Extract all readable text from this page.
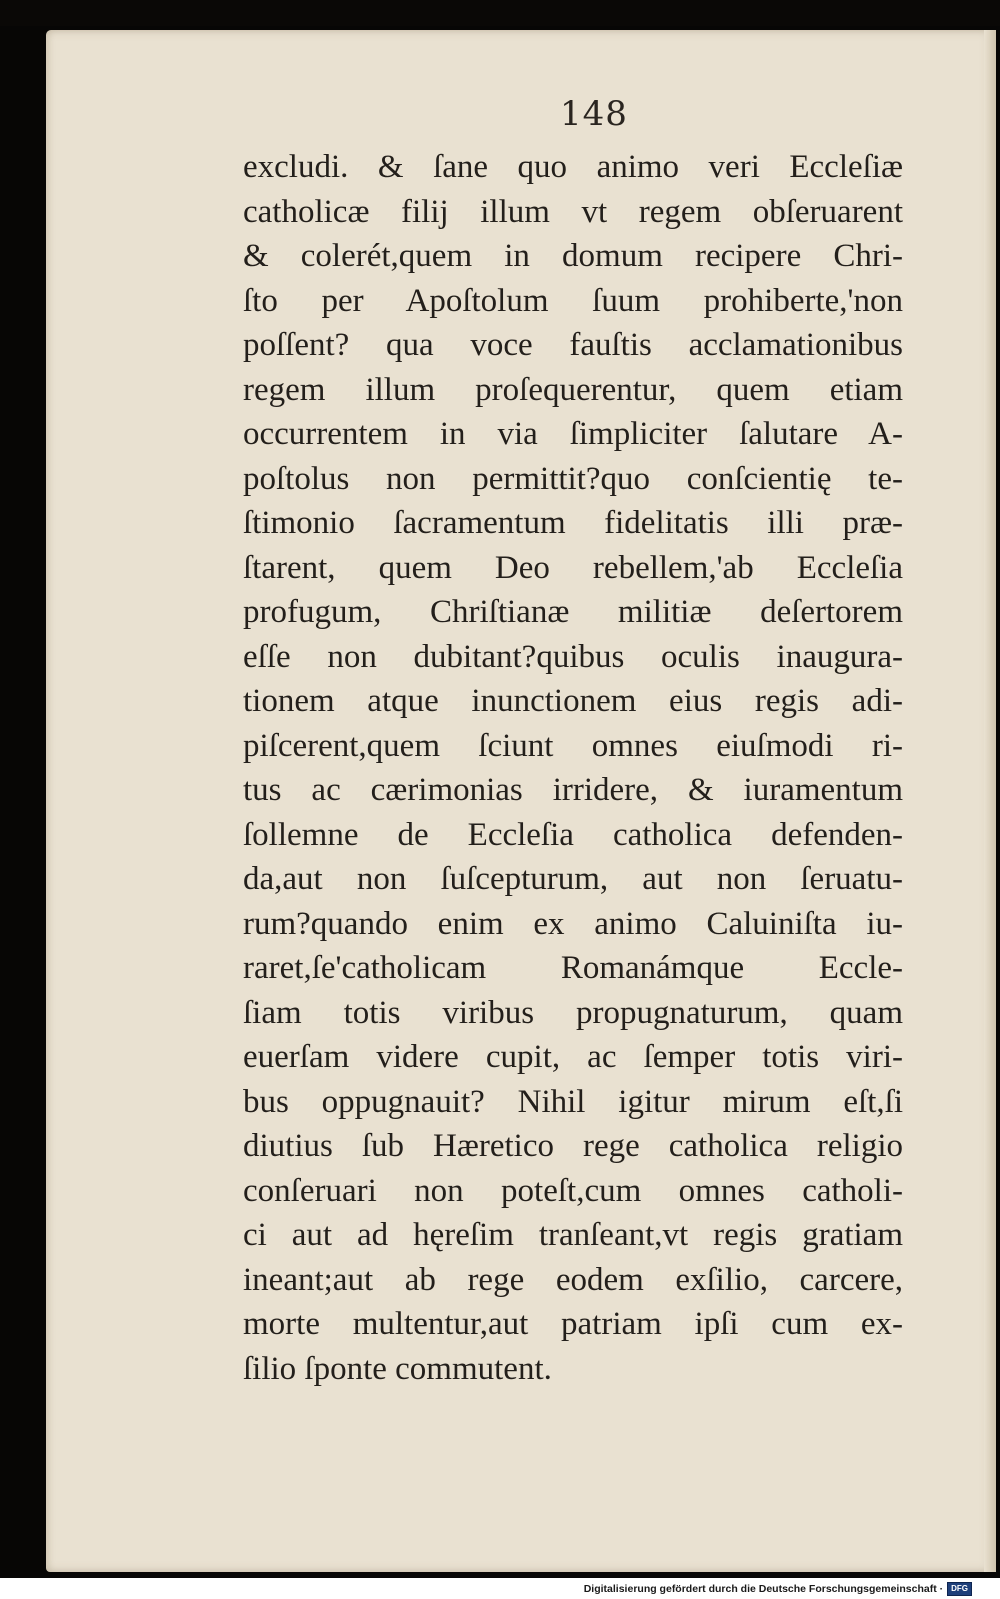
148
excludi. & ſane quo animo veri Eccleſiæ
catholicæ filij illum vt regem obſeruarent
& colerét,quem in domum recipere Chri-
ſto per Apoſtolum ſuum prohiberte,'non
poſſent? qua voce fauſtis acclamationibus
regem illum proſequerentur, quem etiam
occurrentem in via ſimpliciter ſalutare A-
poſtolus non permittit?quo conſcientię te-
ſtimonio ſacramentum fidelitatis illi præ-
ſtarent, quem Deo rebellem,'ab Eccleſia
profugum, Chriſtianæ militiæ deſertorem
eſſe non dubitant?quibus oculis inaugura-
tionem atque inunctionem eius regis adi-
piſcerent,quem ſciunt omnes eiuſmodi ri-
tus ac cærimonias irridere, & iuramentum
ſollemne de Eccleſia catholica defenden-
da,aut non ſuſcepturum, aut non ſeruatu-
rum?quando enim ex animo Caluiniſta iu-
raret,ſe'catholicam Romanámque Eccle-
ſiam totis viribus propugnaturum, quam
euerſam videre cupit, ac ſemper totis viri-
bus oppugnauit? Nihil igitur mirum eſt,ſi
diutius ſub Hæretico rege catholica religio
conſeruari non poteſt,cum omnes catholi-
ci aut ad hęreſim tranſeant,vt regis gratiam
ineant;aut ab rege eodem exſilio, carcere,
morte multentur,aut patriam ipſi cum ex-
ſilio ſponte commutent.
Digitalisierung gefördert durch die Deutsche Forschungsgemeinschaft ·	DFG
